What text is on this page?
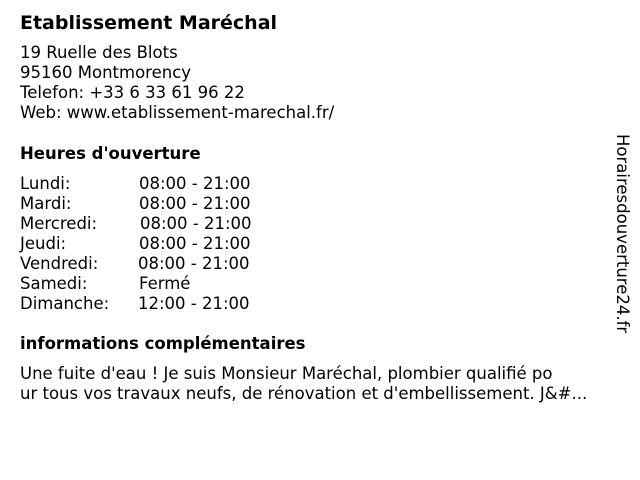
Etablissement Maréchal
19 Ruelle des Blots
95160 Montmorency
Telefon: +33 6 33 61 96 22
Web: www.etablissement-marechal.fr/
Heures d'ouverture
Lundi:	08:00 - 21:00
Mardi:	08:00 - 21:00
Mercredi:	08:00 - 21:00
Jeudi:	08:00 - 21:00
Vendredi: 08:00 - 21:00
Samedi:	Fermé
Dimanche: 12:00 - 21:00
informations complémentaires
Une fuite d'eau ! Je suis Monsieur Maréchal, plombier qualifié po
ur tous vos travaux neufs, de rénovation et d'embellissement. J&#...
Horairesdouverture24.fr
